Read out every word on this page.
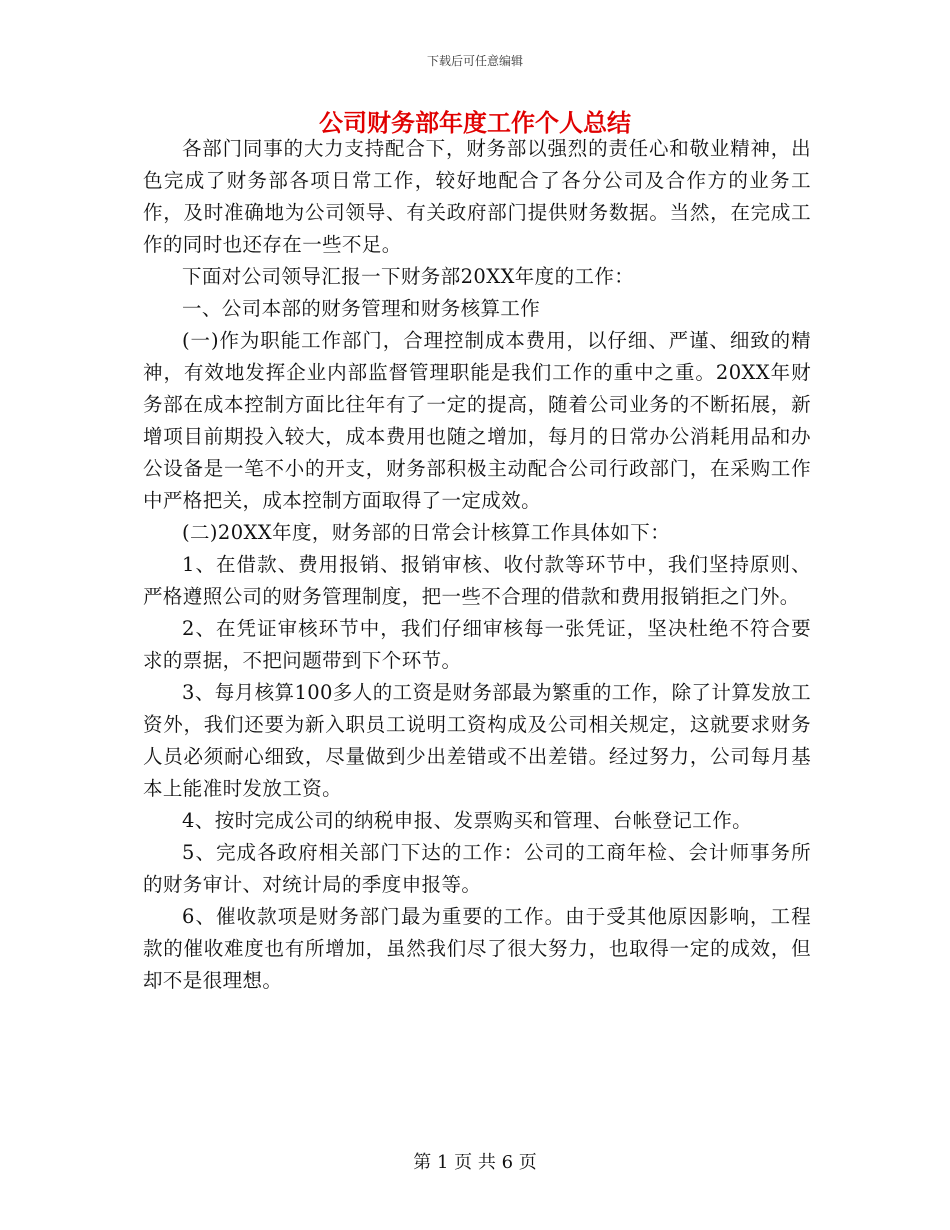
下载后可任意编辑
公司财务部年度工作个人总结

各部门同事的大力支持配合下，财务部以强烈的责任心和敬业精神，出色完成了财务部各项日常工作，较好地配合了各分公司及合作方的业务工作，及时准确地为公司领导、有关政府部门提供财务数据。当然，在完成工作的同时也还存在一些不足。

下面对公司领导汇报一下财务部20XX年度的工作：

一、公司本部的财务管理和财务核算工作

(一)作为职能工作部门，合理控制成本费用，以仔细、严谨、细致的精神，有效地发挥企业内部监督管理职能是我们工作的重中之重。20XX年财务部在成本控制方面比往年有了一定的提高，随着公司业务的不断拓展，新增项目前期投入较大，成本费用也随之增加，每月的日常办公消耗用品和办公设备是一笔不小的开支，财务部积极主动配合公司行政部门，在采购工作中严格把关，成本控制方面取得了一定成效。

(二)20XX年度，财务部的日常会计核算工作具体如下：

1、在借款、费用报销、报销审核、收付款等环节中，我们坚持原则、严格遵照公司的财务管理制度，把一些不合理的借款和费用报销拒之门外。

2、在凭证审核环节中，我们仔细审核每一张凭证，坚决杜绝不符合要求的票据，不把问题带到下个环节。

3、每月核算100多人的工资是财务部最为繁重的工作，除了计算发放工资外，我们还要为新入职员工说明工资构成及公司相关规定，这就要求财务人员必须耐心细致，尽量做到少出差错或不出差错。经过努力，公司每月基本上能准时发放工资。

4、按时完成公司的纳税申报、发票购买和管理、台帐登记工作。

5、完成各政府相关部门下达的工作：公司的工商年检、会计师事务所的财务审计、对统计局的季度申报等。

6、催收款项是财务部门最为重要的工作。由于受其他原因影响，工程款的催收难度也有所增加，虽然我们尽了很大努力，也取得一定的成效，但却不是很理想。

第 1 页 共 6 页
